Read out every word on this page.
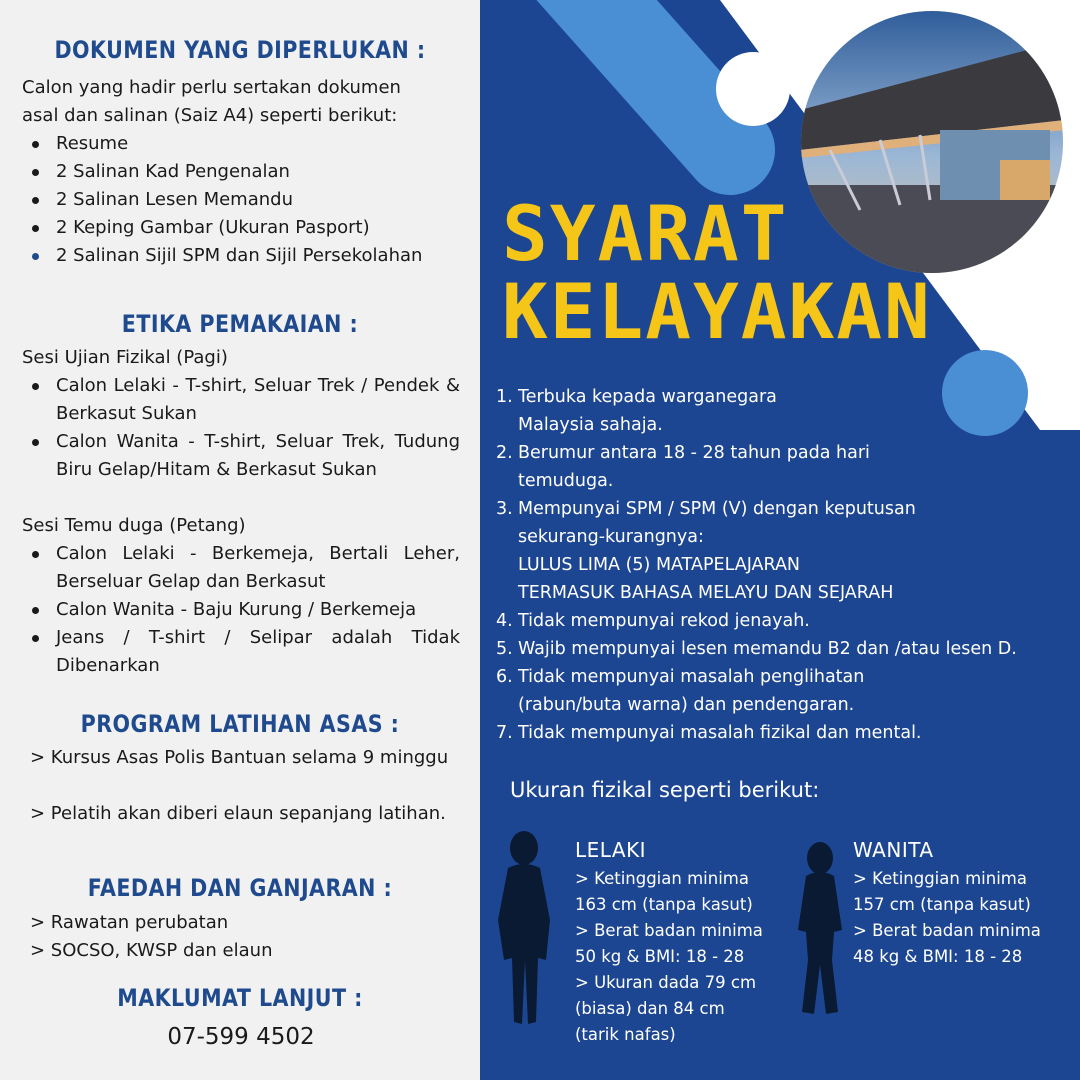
DOKUMEN YANG DIPERLUKAN :
Calon yang hadir perlu sertakan dokumen
asal dan salinan (Saiz A4) seperti berikut:
Resume
2 Salinan Kad Pengenalan
2 Salinan Lesen Memandu
2 Keping Gambar (Ukuran Pasport)
2 Salinan Sijil SPM dan Sijil Persekolahan
ETIKA PEMAKAIAN :
Sesi Ujian Fizikal (Pagi)
Calon Lelaki - T-shirt, Seluar Trek / Pendek & Berkasut Sukan
Calon Wanita - T-shirt, Seluar Trek, Tudung Biru Gelap/Hitam & Berkasut Sukan
Sesi Temu duga (Petang)
Calon Lelaki - Berkemeja, Bertali Leher, Berseluar Gelap dan Berkasut
Calon Wanita - Baju Kurung / Berkemeja
Jeans / T-shirt / Selipar adalah Tidak Dibenarkan
PROGRAM LATIHAN ASAS :
> Kursus Asas Polis Bantuan selama 9 minggu
> Pelatih akan diberi elaun sepanjang latihan.
FAEDAH DAN GANJARAN :
> Rawatan perubatan
> SOCSO, KWSP dan elaun
MAKLUMAT LANJUT :
07-599 4502
SYARAT
KELAYAKAN
1. Terbuka kepada warganegara
Malaysia sahaja.
2. Berumur antara 18 - 28 tahun pada hari
temuduga.
3. Mempunyai SPM / SPM (V) dengan keputusan
sekurang-kurangnya:
LULUS LIMA (5) MATAPELAJARAN
TERMASUK BAHASA MELAYU DAN SEJARAH
4. Tidak mempunyai rekod jenayah.
5. Wajib mempunyai lesen memandu B2 dan /atau lesen D.
6. Tidak mempunyai masalah penglihatan
(rabun/buta warna) dan pendengaran.
7. Tidak mempunyai masalah fizikal dan mental.

Ukuran fizikal seperti berikut:

LELAKI

> Ketinggian minima
163 cm (tanpa kasut)
> Berat badan minima
50 kg & BMI: 18 - 28
> Ukuran dada 79 cm
(biasa) dan 84 cm
(tarik nafas)

WANITA

> Ketinggian minima
157 cm (tanpa kasut)
> Berat badan minima
48 kg & BMI: 18 - 28
